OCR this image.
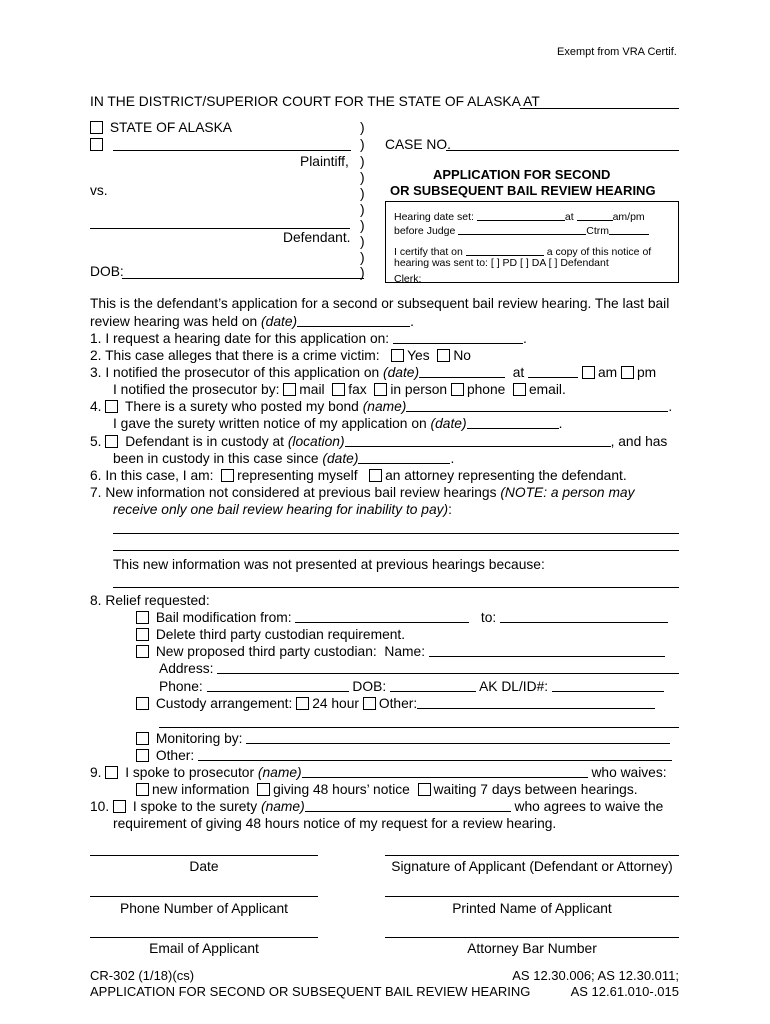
Exempt from VRA Certif.
IN THE DISTRICT/SUPERIOR COURT FOR THE STATE OF ALASKA AT
STATE OF ALASKA
Plaintiff,
vs.
Defendant.
DOB:
)
)
)
)
)
)
)
)
)
)
CASE NO.
APPLICATION FOR SECOND
OR SUBSEQUENT BAIL REVIEW HEARING
Hearing date set:	at	am/pm
before Judge	Ctrm
I certify that on	a copy of this notice of
hearing was sent to: [ ] PD [ ] DA [ ] Defendant
Clerk:
This is the defendant’s application for a second or subsequent bail review hearing. The last bail
review hearing was held on (date)	.
1. I request a hearing date for this application on:	.
2. This case alleges that there is a crime victim: Yes No
3. I notified the prosecutor of this application on (date)	at	am pm
I notified the prosecutor by: mail fax in person phone email.
4. There is a surety who posted my bond (name)	.
I gave the surety written notice of my application on (date)	.
5. Defendant is in custody at (location)	, and has
been in custody in this case since (date)	.
6. In this case, I am: representing myself an attorney representing the defendant.
7. New information not considered at previous bail review hearings (NOTE: a person may
receive only one bail review hearing for inability to pay):
This new information was not presented at previous hearings because:
8. Relief requested:
Bail modification from:	to:
Delete third party custodian requirement.
New proposed third party custodian: Name:
Address:
Phone:	DOB:	AK DL/ID#:
Custody arrangement: 24 hour Other:
Monitoring by:
Other:
9. I spoke to prosecutor (name)	who waives:
new information giving 48 hours’ notice waiting 7 days between hearings.
10. I spoke to the surety (name)	who agrees to waive the
requirement of giving 48 hours notice of my request for a review hearing.
Date	Signature of Applicant (Defendant or Attorney)
Phone Number of Applicant	Printed Name of Applicant
Email of Applicant	Attorney Bar Number
CR-302 (1/18)(cs)
APPLICATION FOR SECOND OR SUBSEQUENT BAIL REVIEW HEARING
AS 12.30.006; AS 12.30.011;
AS 12.61.010-.015
